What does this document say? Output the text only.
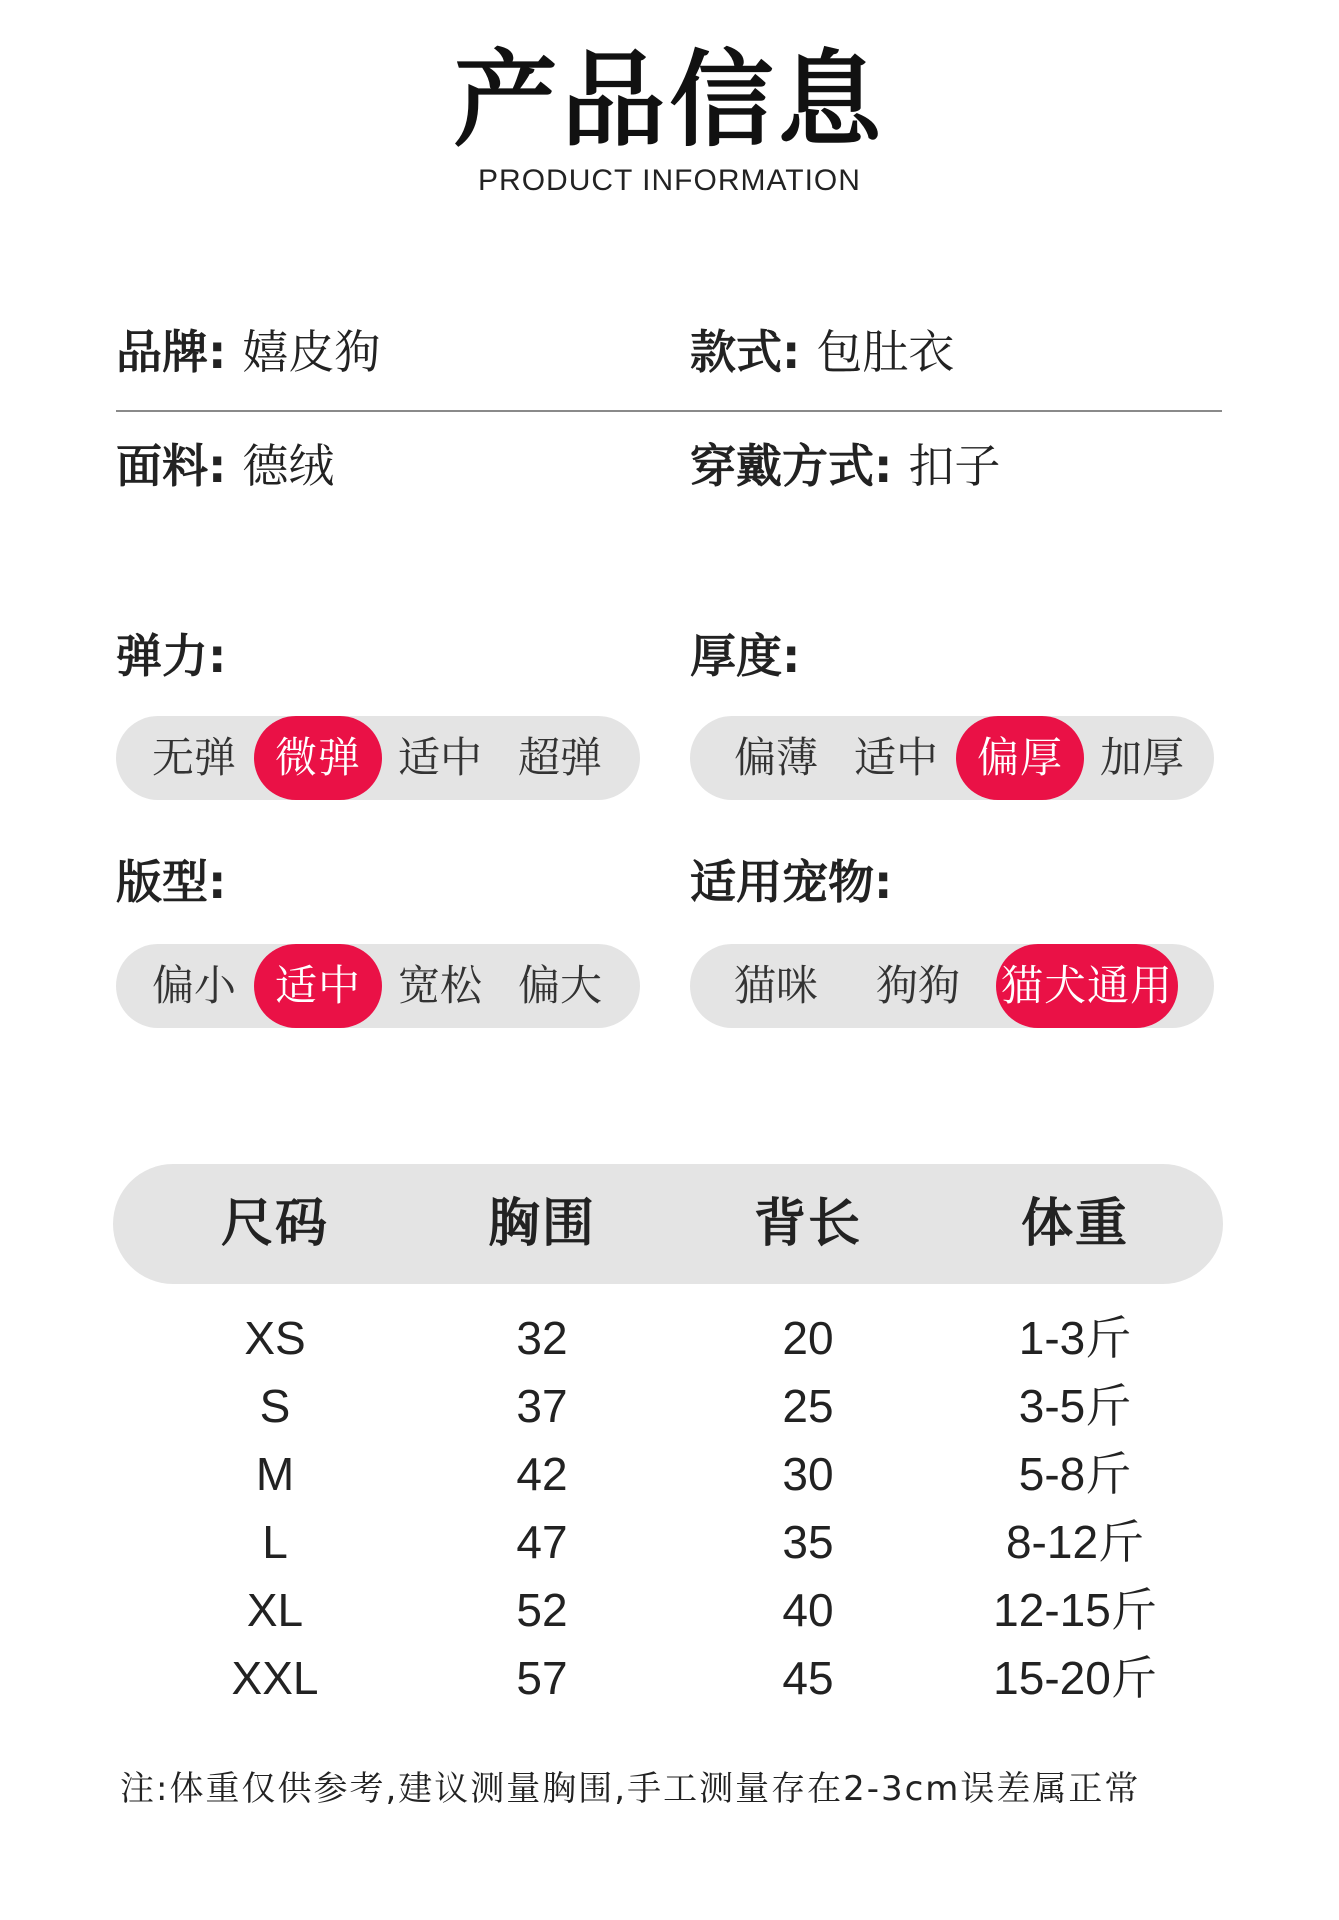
产品信息
PRODUCT INFORMATION
品牌: 嬉皮狗	款式: 包肚衣
面料: 德绒	穿戴方式: 扣子
弹力:
无弹 微弹 适中 超弹
厚度:
偏薄 适中 偏厚 加厚
版型:
偏小 适中 宽松 偏大
适用宠物:
猫咪	狗狗 猫犬通用
尺码	胸围	背长	体重
XS	32	20	1-3斤
S	37	25	3-5斤
M	42	30	5-8斤
L	47	35	8-12斤
XL	52	40	12-15斤
XXL	57	45	15-20斤
注:体重仅供参考,建议测量胸围,手工测量存在2-3cm误差属正常
